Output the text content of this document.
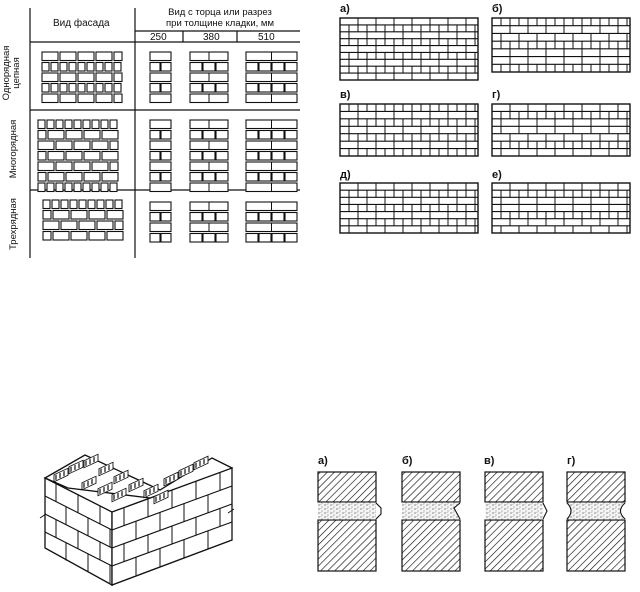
Вид фасада
Вид с торца или разрез
при толщине кладки, мм
250	380	510
Однорядная цепная
Многорядная
Трехрядная
а)	б)
в)	г)
д)	е)
а)	б)	в)	г)
